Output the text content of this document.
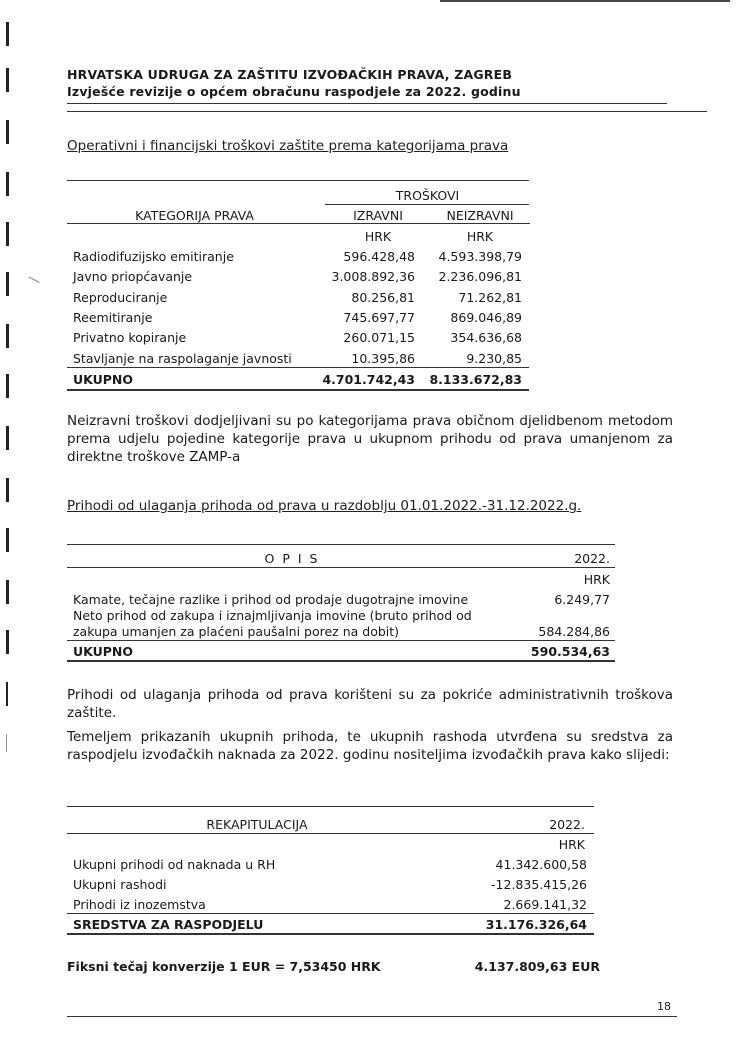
\
HRVATSKA UDRUGA ZA ZAŠTITU IZVOĐAČKIH PRAVA, ZAGREB
Izvješće revizije o općem obračunu raspodjele za 2022. godinu
Operativni i financijski troškovi zaštite prema kategorijama prava
TROŠKOVI
KATEGORIJA PRAVA	IZRAVNI	NEIZRAVNI
HRK	HRK
Radiodifuzijsko emitiranje	596.428,48	4.593.398,79
Javno priopćavanje	3.008.892,36	2.236.096,81
Reproduciranje	80.256,81	71.262,81
Reemitiranje	745.697,77	869.046,89
Privatno kopiranje	260.071,15	354.636,68
Stavljanje na raspolaganje javnosti	10.395,86	9.230,85
UKUPNO	4.701.742,43	8.133.672,83
Neizravni troškovi dodjeljivani su po kategorijama prava običnom djelidbenom metodom prema udjelu pojedine kategorije prava u ukupnom prihodu od prava umanjenom za direktne troškove ZAMP-a
Prihodi od ulaganja prihoda od prava u razdoblju 01.01.2022.-31.12.2022.g.
O P I S	2022.
HRK
Kamate, tečajne razlike i prihod od prodaje dugotrajne imovine	6.249,77
Neto prihod od zakupa i iznajmljivanja imovine (bruto prihod od
zakupa umanjen za plaćeni paušalni porez na dobit)	584.284,86
UKUPNO	590.534,63
Prihodi od ulaganja prihoda od prava korišteni su za pokriće administrativnih troškova zaštite.
Temeljem prikazanih ukupnih prihoda, te ukupnih rashoda utvrđena su sredstva za raspodjelu izvođačkih naknada za 2022. godinu nositeljima izvođačkih prava kako slijedi:
REKAPITULACIJA	2022.
HRK
Ukupni prihodi od naknada u RH	41.342.600,58
Ukupni rashodi	-12.835.415,26
Prihodi iz inozemstva	2.669.141,32
SREDSTVA ZA RASPODJELU	31.176.326,64
Fiksni tečaj konverzije 1 EUR = 7,53450 HRK	4.137.809,63 EUR
18
